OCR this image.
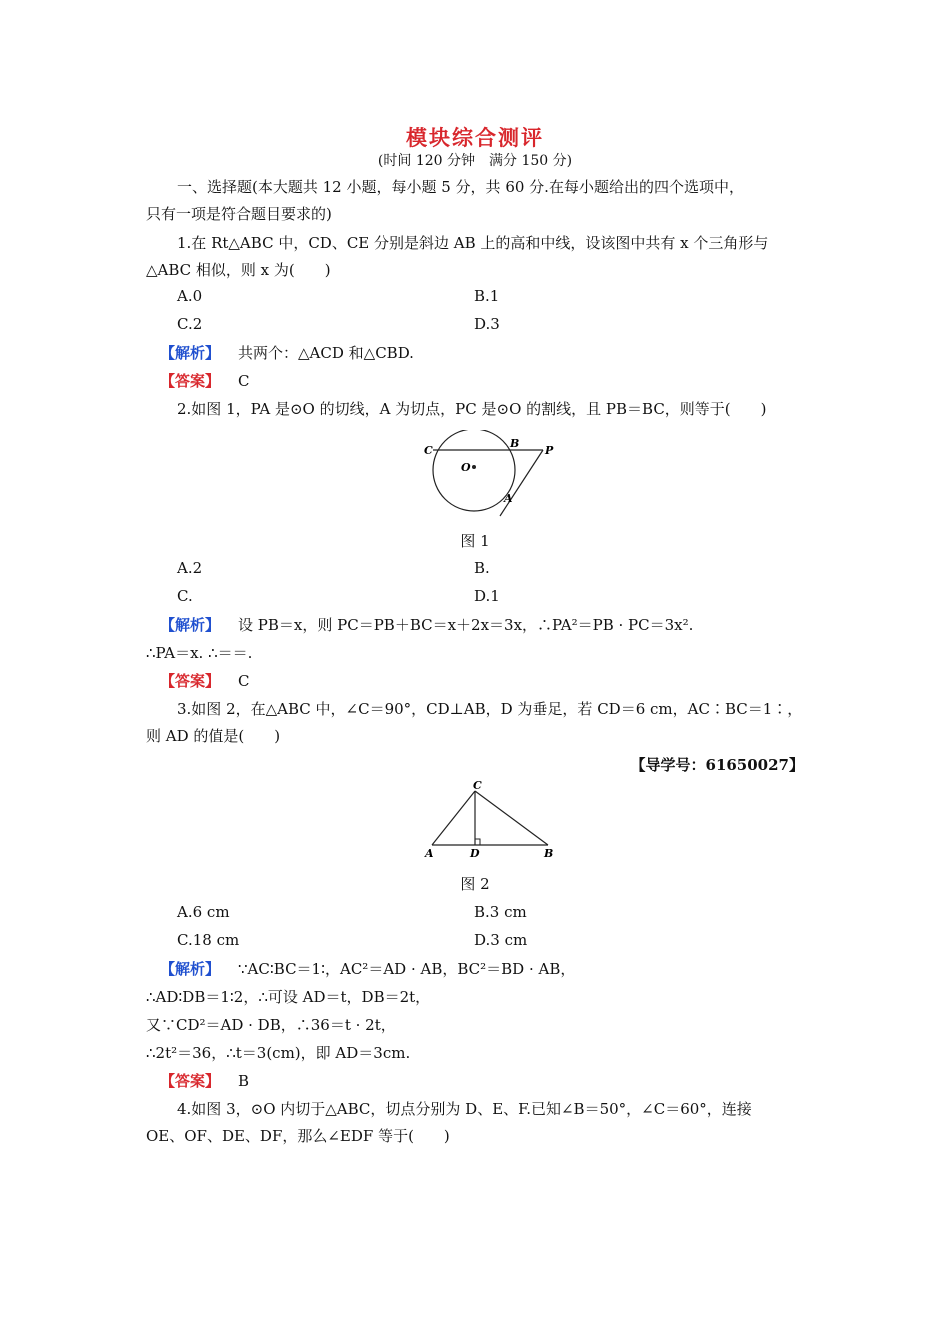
模块综合测评
(时间 120 分钟　满分 150 分)
一、选择题(本大题共 12 小题，每小题 5 分，共 60 分.在每小题给出的四个选项中，
只有一项是符合题目要求的)
1.在 Rt△ABC 中，CD、CE 分别是斜边 AB 上的高和中线，设该图中共有 x 个三角形与
△ABC 相似，则 x 为(　　)
A.0	B.1
C.2	D.3
【解析】 共两个：△ACD 和△CBD.
【答案】 C
2.如图 1，PA 是⊙O 的切线，A 为切点，PC 是⊙O 的割线，且 PB＝BC，则等于(　　)
C
B
P
O
A
图 1
A.2	B.
C.	D.1
【解析】 设 PB＝x，则 PC＝PB＋BC＝x＋2x＝3x，∴PA²＝PB · PC＝3x².
∴PA＝x. ∴＝＝.
【答案】 C
3.如图 2，在△ABC 中，∠C＝90°，CD⊥AB，D 为垂足，若 CD＝6 cm，AC∶BC＝1∶，
则 AD 的值是(　　)
【导学号：61650027】
C
A	D	B
图 2
A.6 cm	B.3 cm
C.18 cm	D.3 cm
【解析】 ∵AC∶BC＝1∶，AC²＝AD · AB，BC²＝BD · AB，
∴AD∶DB＝1∶2，∴可设 AD＝t，DB＝2t，
又∵CD²＝AD · DB，∴36＝t · 2t，
∴2t²＝36，∴t＝3(cm)，即 AD＝3cm.
【答案】 B
4.如图 3，⊙O 内切于△ABC，切点分别为 D、E、F.已知∠B＝50°，∠C＝60°，连接
OE、OF、DE、DF，那么∠EDF 等于(　　)
